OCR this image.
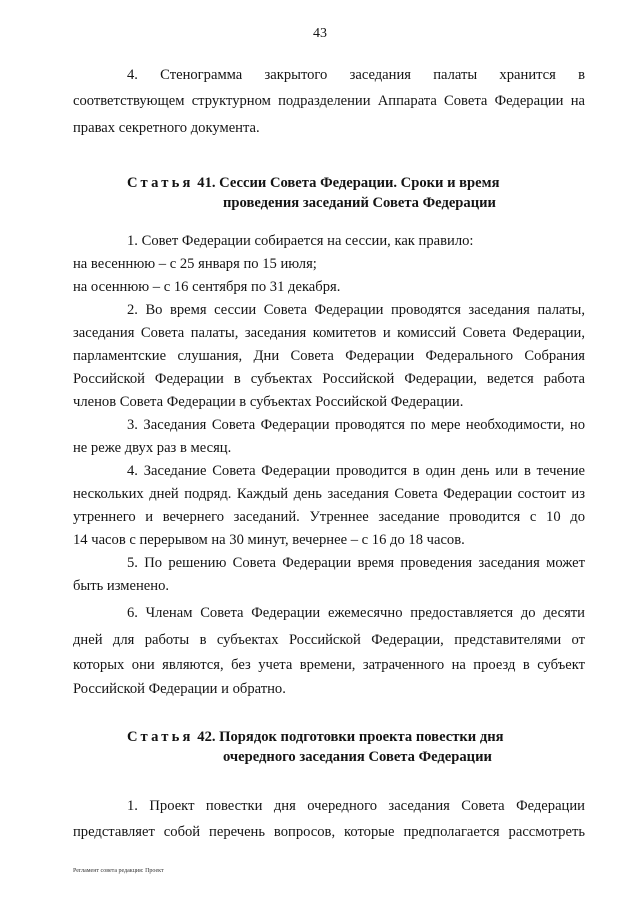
43
4. Стенограмма закрытого заседания палаты хранится в
соответствующем структурном подразделении Аппарата Совета Федерации на
правах секретного документа.
Статья 41. Сессии Совета Федерации. Сроки и время
проведения заседаний Совета Федерации
1. Совет Федерации собирается на сессии, как правило:
на весеннюю – с 25 января по 15 июля;
на осеннюю – с 16 сентября по 31 декабря.
2. Во время сессии Совета Федерации проводятся заседания палаты,
заседания Совета палаты, заседания комитетов и комиссий Совета Федерации,
парламентские слушания, Дни Совета Федерации Федерального Собрания
Российской Федерации в субъектах Российской Федерации, ведется работа
членов Совета Федерации в субъектах Российской Федерации.
3. Заседания Совета Федерации проводятся по мере необходимости, но
не реже двух раз в месяц.
4. Заседание Совета Федерации проводится в один день или в течение
нескольких дней подряд. Каждый день заседания Совета Федерации состоит из
утреннего и вечернего заседаний. Утреннее заседание проводится с 10 до
14 часов с перерывом на 30 минут, вечернее – с 16 до 18 часов.
5. По решению Совета Федерации время проведения заседания может
быть изменено.
6. Членам Совета Федерации ежемесячно предоставляется до десяти
дней для работы в субъектах Российской Федерации, представителями от
которых они являются, без учета времени, затраченного на проезд в субъект
Российской Федерации и обратно.
Статья 42. Порядок подготовки проекта повестки дня
очередного заседания Совета Федерации
1. Проект повестки дня очередного заседания Совета Федерации
представляет собой перечень вопросов, которые предполагается рассмотреть
Регламент совета редакция: Проект
